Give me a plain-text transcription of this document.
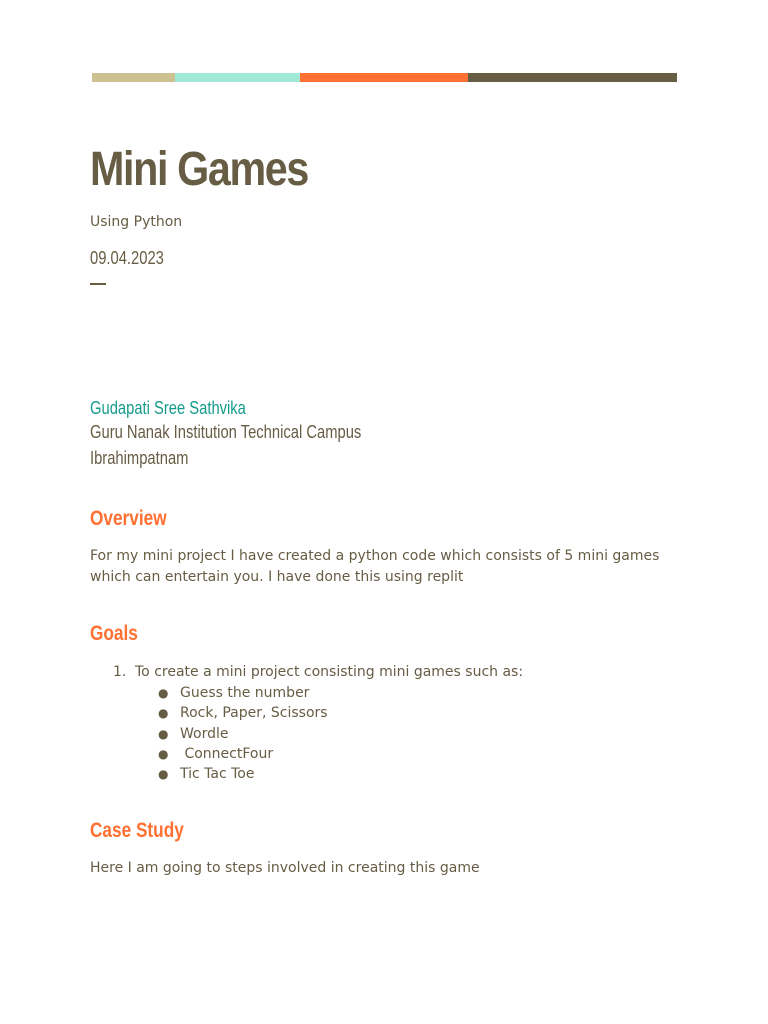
Mini Games
Using Python
09.04.2023
Gudapati Sree Sathvika
Guru Nanak Institution Technical Campus
Ibrahimpatnam
Overview

For my mini project I have created a python code which consists of 5 mini games which can entertain you. I have done this using replit

Goals
1. To create a mini project consisting mini games such as:

●

Guess the number

●

Rock, Paper, Scissors

●

Wordle

●

ConnectFour

●

Tic Tac Toe

Case Study

Here I am going to steps involved in creating this game
